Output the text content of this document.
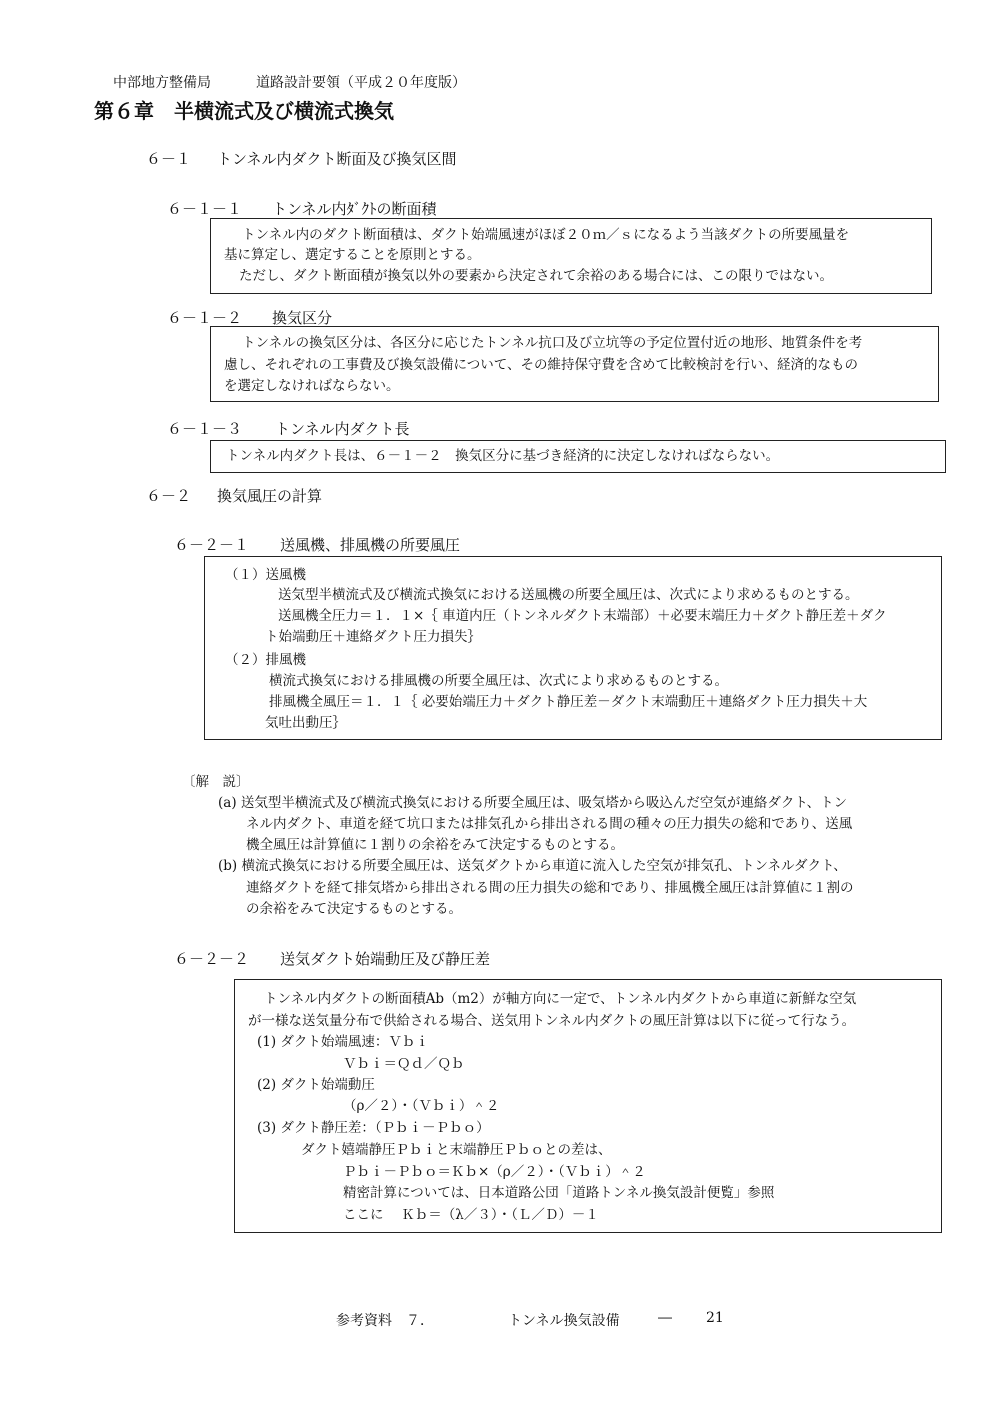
中部地方整備局	道路設計要領（平成２０年度版）
第６章　半横流式及び横流式換気
６－１ トンネル内ダクト断面及び換気区間
６－１－１ トンネル内ﾀﾞｸﾄの断面積
トンネル内のダクト断面積は、ダクト始端風速がほぼ２０ｍ／ｓになるよう当該ダクトの所要風量を
基に算定し、選定することを原則とする。
ただし、ダクト断面積が換気以外の要素から決定されて余裕のある場合には、この限りではない。
６－１－２ 換気区分
トンネルの換気区分は、各区分に応じたトンネル抗口及び立坑等の予定位置付近の地形、地質条件を考
慮し、それぞれの工事費及び換気設備について、その維持保守費を含めて比較検討を行い、経済的なもの
を選定しなければならない。
６－１－３ トンネル内ダクト長
トンネル内ダクト長は、６－１－２　換気区分に基づき経済的に決定しなければならない。
６－２ 換気風圧の計算
６－２－１ 送風機、排風機の所要風圧
（１）送風機
送気型半横流式及び横流式換気における送風機の所要全風圧は、次式により求めるものとする。
送風機全圧力＝１．１×｛ 車道内圧（トンネルダクト末端部）＋必要末端圧力＋ダクト静圧差＋ダク
ト始端動圧＋連絡ダクト圧力損失｝
（２）排風機
横流式換気における排風機の所要全風圧は、次式により求めるものとする。
排風機全風圧＝１．１｛ 必要始端圧力＋ダクト静圧差－ダクト末端動圧＋連絡ダクト圧力損失＋大
気吐出動圧｝
〔解　説〕
(a) 送気型半横流式及び横流式換気における所要全風圧は、吸気塔から吸込んだ空気が連絡ダクト、トン
ネル内ダクト、車道を経て坑口または排気孔から排出される間の種々の圧力損失の総和であり、送風
機全風圧は計算値に１割りの余裕をみて決定するものとする。
(b) 横流式換気における所要全風圧は、送気ダクトから車道に流入した空気が排気孔、トンネルダクト、
連絡ダクトを経て排気塔から排出される間の圧力損失の総和であり、排風機全風圧は計算値に１割の
の余裕をみて決定するものとする。
６－２－２ 送気ダクト始端動圧及び静圧差
トンネル内ダクトの断面積Ab（m2）が軸方向に一定で、トンネル内ダクトから車道に新鮮な空気
が一様な送気量分布で供給される場合、送気用トンネル内ダクトの風圧計算は以下に従って行なう。
(1) ダクト始端風速：Ｖｂｉ
Ｖｂｉ＝Ｑｄ／Ｑｂ
(2) ダクト始端動圧
（ρ／２）・（Ｖｂｉ）＾２
(3) ダクト静圧差：（Ｐｂｉ－Ｐｂｏ）
ダクト嬉端静圧Ｐｂｉと末端静圧Ｐｂｏとの差は、
Ｐｂｉ－Ｐｂｏ＝Ｋｂ×（ρ／２）・（Ｖｂｉ）＾２
精密計算については、日本道路公団「道路トンネル換気設計便覧」参照
ここに　 Ｋｂ＝（λ／３）・（Ｌ／Ｄ）－１
参考資料　７．	トンネル換気設備	― 21
